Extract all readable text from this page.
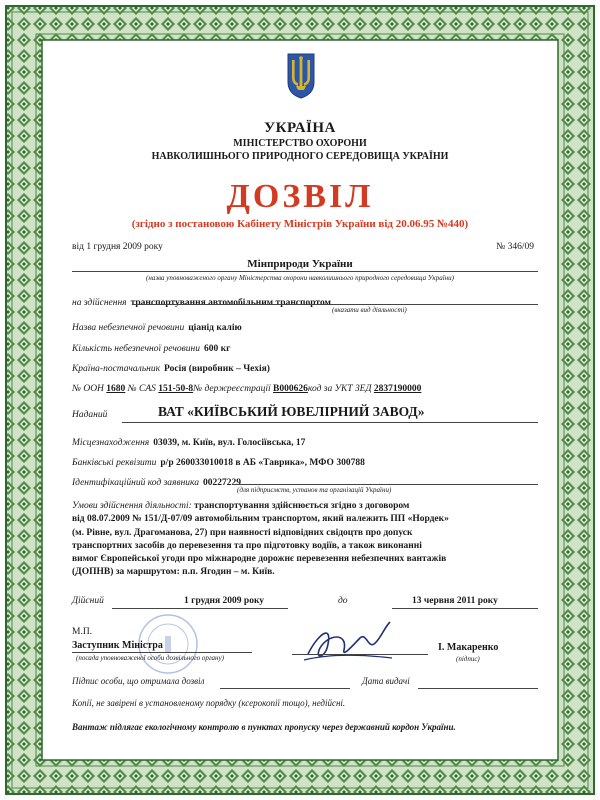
УКРАЇНА
МІНІСТЕРСТВО ОХОРОНИ
НАВКОЛИШНЬОГО ПРИРОДНОГО СЕРЕДОВИЩА УКРАЇНИ
ДОЗВІЛ
(згідно з постановою Кабінету Міністрів України від 20.06.95 №440)
від 1 грудня 2009 року	№ 346/09
Мінприроди України
(назва уповноваженого органу Міністерства охорони навколишнього природного середовища України)
на здійснення транспортування автомобільним транспортом
(вказати вид діяльності)
Назва небезпечної речовини ціанід калію
Кількість небезпечної речовини 600 кг
Країна-постачальник Росія (виробник – Чехія)
№ ООН 1680 № CAS 151-50-8№ держреєстрації В000626код за УКТ ЗЕД 2837190000
Наданий	ВАТ «КИЇВСЬКИЙ ЮВЕЛІРНИЙ ЗАВОД»
Місцезнаходження 03039, м. Київ, вул. Голосіївська, 17
Банківські реквізити р/р 260033010018 в АБ «Таврика», МФО 300788
Ідентифікаційний код заявника 00227229
(для підприємств, установ та організацій України)
Умови здійснення діяльності: транспортування здійснюється згідно з договором
від 08.07.2009 № 151/Д-07/09 автомобільним транспортом, який належить ПП «Нордек»
(м. Рівне, вул. Драгоманова, 27) при наявності відповідних свідоцтв про допуск
транспортних засобів до перевезення та про підготовку водіїв, а також виконанні
вимог Європейської угоди про міжнародне дорожнє перевезення небезпечних вантажів
(ДОПНВ) за маршрутом: п.п. Ягодин – м. Київ.
Дійсний	1 грудня 2009 року	до	13 червня 2011 року
М.П.
Заступник Міністра
(посада уповноваженої особи дозвільного органу)
І. Макаренко
(підпис)
Підпис особи, що отримала дозвіл	Дата видачі
Копії, не завірені в установленому порядку (ксерокопії тощо), недійсні.
Вантаж підлягає екологічному контролю в пунктах пропуску через державний кордон України.
